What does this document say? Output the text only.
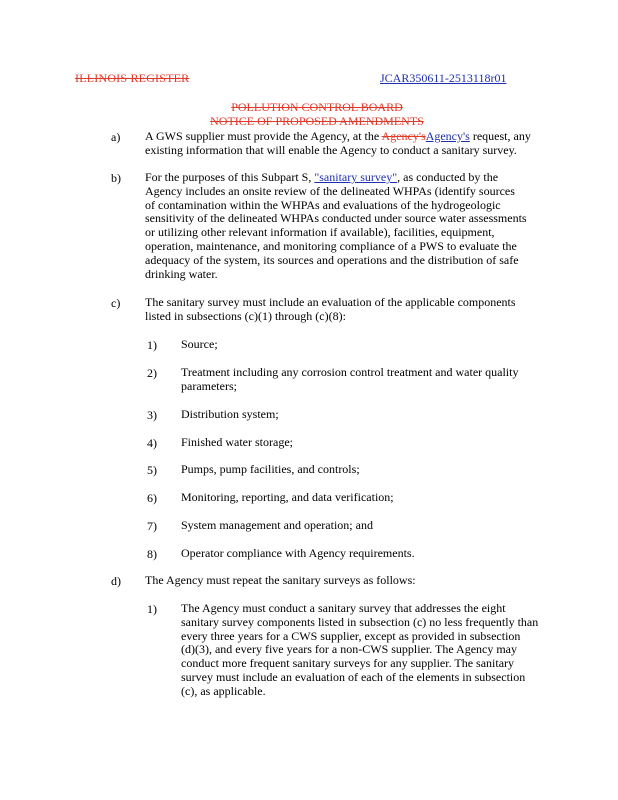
ILLINOIS REGISTER	JCAR350611-2513118r01
POLLUTION CONTROL BOARD
NOTICE OF PROPOSED AMENDMENTS
a) A GWS supplier must provide the Agency, at the Agency'sAgency's request, any
existing information that will enable the Agency to conduct a sanitary survey.
b) For the purposes of this Subpart S, "sanitary survey", as conducted by the
Agency includes an onsite review of the delineated WHPAs (identify sources
of contamination within the WHPAs and evaluations of the hydrogeologic
sensitivity of the delineated WHPAs conducted under source water assessments
or utilizing other relevant information if available), facilities, equipment,
operation, maintenance, and monitoring compliance of a PWS to evaluate the
adequacy of the system, its sources and operations and the distribution of safe
drinking water.
c) The sanitary survey must include an evaluation of the applicable components
listed in subsections (c)(1) through (c)(8):
1) Source;
2) Treatment including any corrosion control treatment and water quality
parameters;
3) Distribution system;
4) Finished water storage;
5) Pumps, pump facilities, and controls;
6) Monitoring, reporting, and data verification;
7) System management and operation; and
8) Operator compliance with Agency requirements.
d) The Agency must repeat the sanitary surveys as follows:
1) The Agency must conduct a sanitary survey that addresses the eight
sanitary survey components listed in subsection (c) no less frequently than
every three years for a CWS supplier, except as provided in subsection
(d)(3), and every five years for a non-CWS supplier. The Agency may
conduct more frequent sanitary surveys for any supplier. The sanitary
survey must include an evaluation of each of the elements in subsection
(c), as applicable.
